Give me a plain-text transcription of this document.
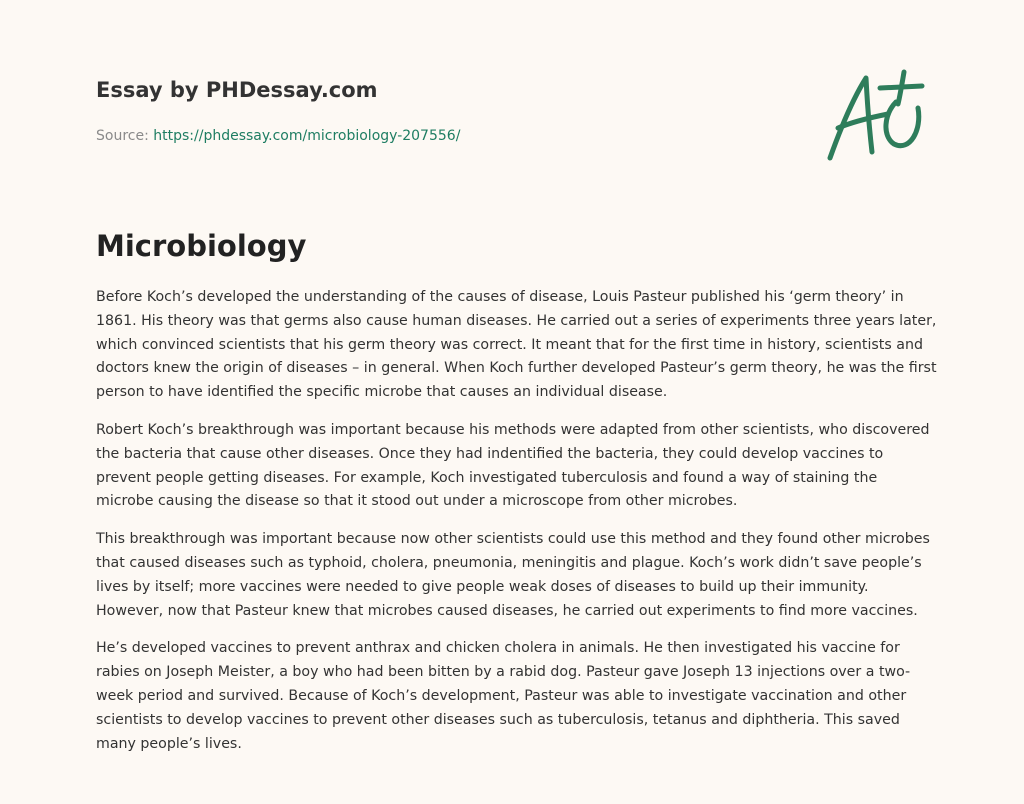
Essay by PHDessay.com
Source: https://phdessay.com/microbiology-207556/
Microbiology

Before Koch’s developed the understanding of the causes of disease, Louis Pasteur published his ‘germ theory’ in 1861. His theory was that germs also cause human diseases. He carried out a series of experiments three years later, which convinced scientists that his germ theory was correct. It meant that for the first time in history, scientists and doctors knew the origin of diseases – in general. When Koch further developed Pasteur’s germ theory, he was the first person to have identified the specific microbe that causes an individual disease.

Robert Koch’s breakthrough was important because his methods were adapted from other scientists, who discovered the bacteria that cause other diseases. Once they had indentified the bacteria, they could develop vaccines to prevent people getting diseases. For example, Koch investigated tuberculosis and found a way of staining the microbe causing the disease so that it stood out under a microscope from other microbes.

This breakthrough was important because now other scientists could use this method and they found other microbes that caused diseases such as typhoid, cholera, pneumonia, meningitis and plague. Koch’s work didn’t save people’s lives by itself; more vaccines were needed to give people weak doses of diseases to build up their immunity. However, now that Pasteur knew that microbes caused diseases, he carried out experiments to find more vaccines.

He’s developed vaccines to prevent anthrax and chicken cholera in animals. He then investigated his vaccine for rabies on Joseph Meister, a boy who had been bitten by a rabid dog. Pasteur gave Joseph 13 injections over a two-week period and survived. Because of Koch’s development, Pasteur was able to investigate vaccination and other scientists to develop vaccines to prevent other diseases such as tuberculosis, tetanus and diphtheria. This saved many people’s lives.
